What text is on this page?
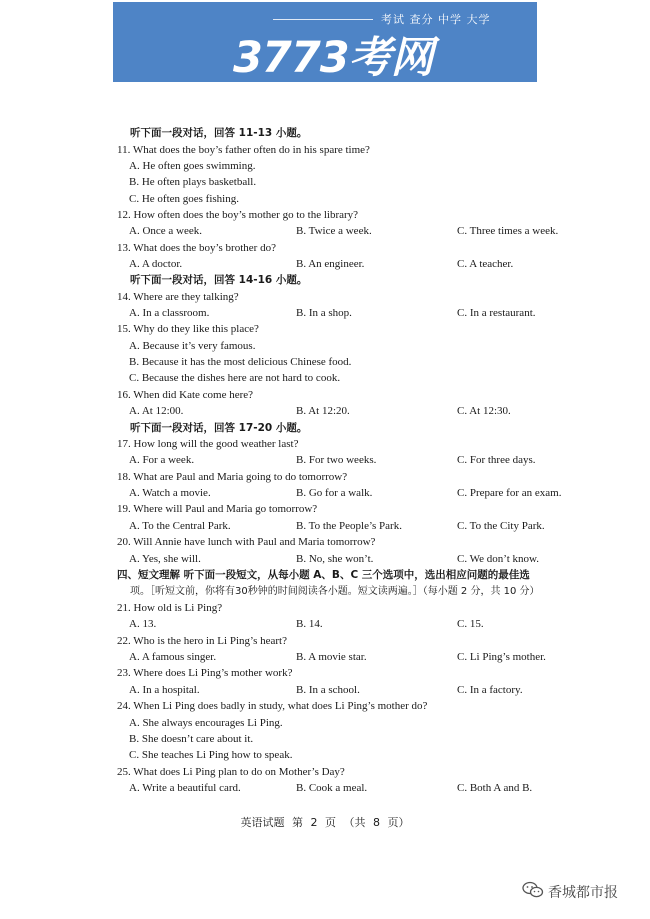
考试 查分 中学 大学
3773考网
听下面一段对话，回答 11-13 小题。
11. What does the boy’s father often do in his spare time?
A. He often goes swimming.
B. He often plays basketball.
C. He often goes fishing.
12. How often does the boy’s mother go to the library?
A. Once a week.	B. Twice a week.	C. Three times a week.
13. What does the boy’s brother do?
A. A doctor.	B. An engineer.	C. A teacher.
听下面一段对话，回答 14-16 小题。
14. Where are they talking?
A. In a classroom.	B. In a shop.	C. In a restaurant.
15. Why do they like this place?
A. Because it’s very famous.
B. Because it has the most delicious Chinese food.
C. Because the dishes here are not hard to cook.
16. When did Kate come here?
A. At 12:00.	B. At 12:20.	C. At 12:30.
听下面一段对话，回答 17-20 小题。
17. How long will the good weather last?
A. For a week.	B. For two weeks.	C. For three days.
18. What are Paul and Maria going to do tomorrow?
A. Watch a movie.	B. Go for a walk.	C. Prepare for an exam.
19. Where will Paul and Maria go tomorrow?
A. To the Central Park.	B. To the People’s Park.	C. To the City Park.
20. Will Annie have lunch with Paul and Maria tomorrow?
A. Yes, she will.	B. No, she won’t.	C. We don’t know.
四、短文理解 听下面一段短文，从每小题 A、B、C 三个选项中，选出相应问题的最佳选
项。［听短文前，你将有30秒钟的时间阅读各小题。短文读两遍。］（每小题 2 分，共 10 分）
21. How old is Li Ping?
A. 13.	B. 14.	C. 15.
22. Who is the hero in Li Ping’s heart?
A. A famous singer.	B. A movie star.	C. Li Ping’s mother.
23. Where does Li Ping’s mother work?
A. In a hospital.	B. In a school.	C. In a factory.
24. When Li Ping does badly in study, what does Li Ping’s mother do?
A. She always encourages Li Ping.
B. She doesn’t care about it.
C. She teaches Li Ping how to speak.
25. What does Li Ping plan to do on Mother’s Day?
A. Write a beautiful card.	B. Cook a meal.	C. Both A and B.
英语试题 第 2 页 （共 8 页）
香城都市报
